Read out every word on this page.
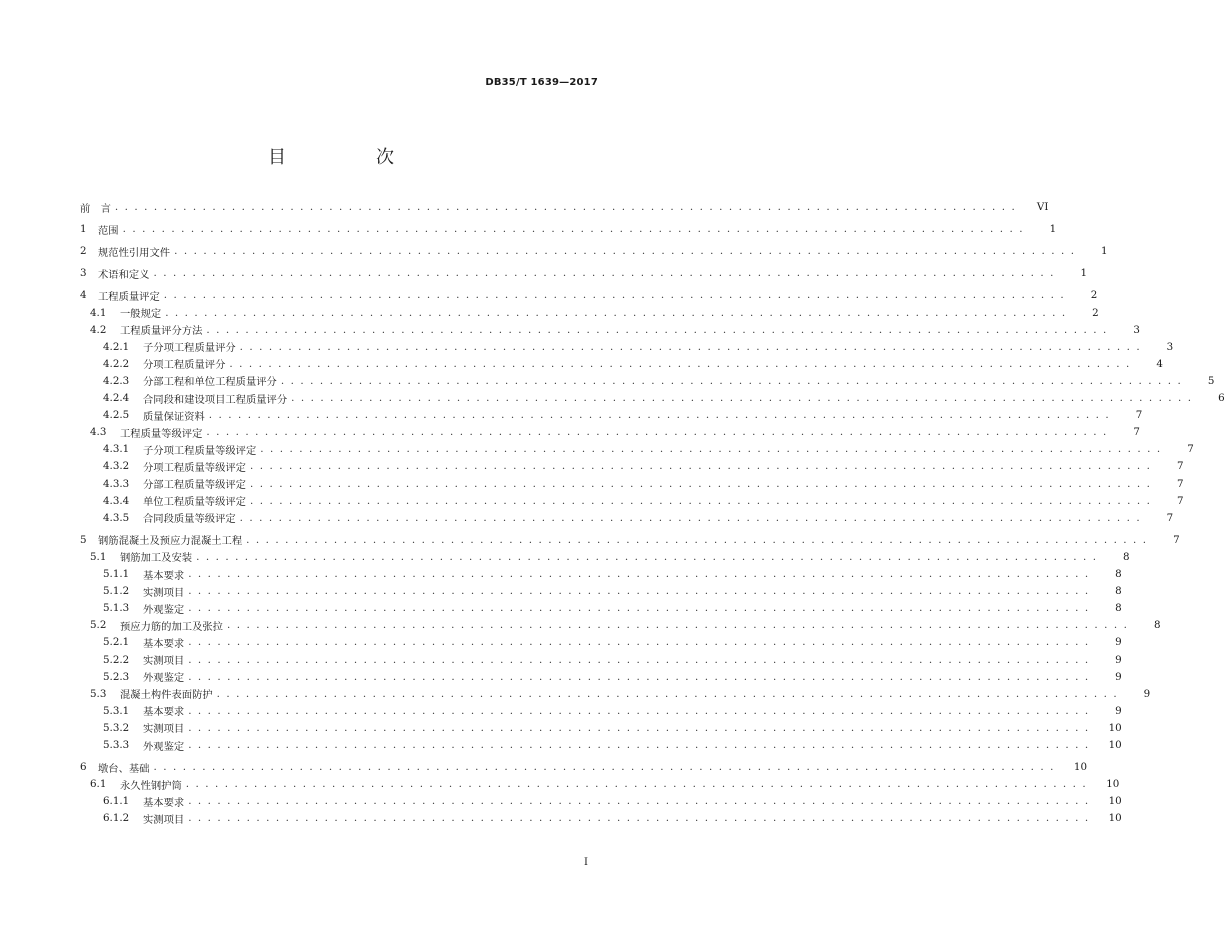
DB35/T 1639—2017
目　次
前　言 . . . . . . . . . . . . . . . . . . . . . . . . . . . . . . . . . . . . . . . . . . . . . . . . . . . . . . . . . . . . . . . . . . . . . . . . . . . . . . . . . . . . . . . . . . . . .	VI
1	范围 . . . . . . . . . . . . . . . . . . . . . . . . . . . . . . . . . . . . . . . . . . . . . . . . . . . . . . . . . . . . . . . . . . . . . . . . . . . . . . . . . . . . . . . . . . . . .	1
2	规范性引用文件 . . . . . . . . . . . . . . . . . . . . . . . . . . . . . . . . . . . . . . . . . . . . . . . . . . . . . . . . . . . . . . . . . . . . . . . . . . . . . . . . . . . . . . . . . . . . .	1
3	术语和定义 . . . . . . . . . . . . . . . . . . . . . . . . . . . . . . . . . . . . . . . . . . . . . . . . . . . . . . . . . . . . . . . . . . . . . . . . . . . . . . . . . . . . . . . . . . . . .	1
4	工程质量评定 . . . . . . . . . . . . . . . . . . . . . . . . . . . . . . . . . . . . . . . . . . . . . . . . . . . . . . . . . . . . . . . . . . . . . . . . . . . . . . . . . . . . . . . . . . . . .	2
4.1	一般规定 . . . . . . . . . . . . . . . . . . . . . . . . . . . . . . . . . . . . . . . . . . . . . . . . . . . . . . . . . . . . . . . . . . . . . . . . . . . . . . . . . . . . . . . . . . . . .	2
4.2	工程质量评分方法 . . . . . . . . . . . . . . . . . . . . . . . . . . . . . . . . . . . . . . . . . . . . . . . . . . . . . . . . . . . . . . . . . . . . . . . . . . . . . . . . . . . . . . . . . . . . .	3
4.2.1	子分项工程质量评分 . . . . . . . . . . . . . . . . . . . . . . . . . . . . . . . . . . . . . . . . . . . . . . . . . . . . . . . . . . . . . . . . . . . . . . . . . . . . . . . . . . . . . . . . . . . . .	3
4.2.2	分项工程质量评分 . . . . . . . . . . . . . . . . . . . . . . . . . . . . . . . . . . . . . . . . . . . . . . . . . . . . . . . . . . . . . . . . . . . . . . . . . . . . . . . . . . . . . . . . . . . . .	4
4.2.3	分部工程和单位工程质量评分 . . . . . . . . . . . . . . . . . . . . . . . . . . . . . . . . . . . . . . . . . . . . . . . . . . . . . . . . . . . . . . . . . . . . . . . . . . . . . . . . . . . . . . . . . . . . .	5
4.2.4	合同段和建设项目工程质量评分 . . . . . . . . . . . . . . . . . . . . . . . . . . . . . . . . . . . . . . . . . . . . . . . . . . . . . . . . . . . . . . . . . . . . . . . . . . . . . . . . . . . . . . . . . . . . .	6
4.2.5	质量保证资料 . . . . . . . . . . . . . . . . . . . . . . . . . . . . . . . . . . . . . . . . . . . . . . . . . . . . . . . . . . . . . . . . . . . . . . . . . . . . . . . . . . . . . . . . . . . . .	7
4.3	工程质量等级评定 . . . . . . . . . . . . . . . . . . . . . . . . . . . . . . . . . . . . . . . . . . . . . . . . . . . . . . . . . . . . . . . . . . . . . . . . . . . . . . . . . . . . . . . . . . . . .	7
4.3.1	子分项工程质量等级评定 . . . . . . . . . . . . . . . . . . . . . . . . . . . . . . . . . . . . . . . . . . . . . . . . . . . . . . . . . . . . . . . . . . . . . . . . . . . . . . . . . . . . . . . . . . . . .	7
4.3.2	分项工程质量等级评定 . . . . . . . . . . . . . . . . . . . . . . . . . . . . . . . . . . . . . . . . . . . . . . . . . . . . . . . . . . . . . . . . . . . . . . . . . . . . . . . . . . . . . . . . . . . . .	7
4.3.3	分部工程质量等级评定 . . . . . . . . . . . . . . . . . . . . . . . . . . . . . . . . . . . . . . . . . . . . . . . . . . . . . . . . . . . . . . . . . . . . . . . . . . . . . . . . . . . . . . . . . . . . .	7
4.3.4	单位工程质量等级评定 . . . . . . . . . . . . . . . . . . . . . . . . . . . . . . . . . . . . . . . . . . . . . . . . . . . . . . . . . . . . . . . . . . . . . . . . . . . . . . . . . . . . . . . . . . . . .	7
4.3.5	合同段质量等级评定 . . . . . . . . . . . . . . . . . . . . . . . . . . . . . . . . . . . . . . . . . . . . . . . . . . . . . . . . . . . . . . . . . . . . . . . . . . . . . . . . . . . . . . . . . . . . .	7
5	钢筋混凝土及预应力混凝土工程 . . . . . . . . . . . . . . . . . . . . . . . . . . . . . . . . . . . . . . . . . . . . . . . . . . . . . . . . . . . . . . . . . . . . . . . . . . . . . . . . . . . . . . . . . . . . .	7
5.1	钢筋加工及安装 . . . . . . . . . . . . . . . . . . . . . . . . . . . . . . . . . . . . . . . . . . . . . . . . . . . . . . . . . . . . . . . . . . . . . . . . . . . . . . . . . . . . . . . . . . . . .	8
5.1.1	基本要求 . . . . . . . . . . . . . . . . . . . . . . . . . . . . . . . . . . . . . . . . . . . . . . . . . . . . . . . . . . . . . . . . . . . . . . . . . . . . . . . . . . . . . . . . . . . . .	8
5.1.2	实测项目 . . . . . . . . . . . . . . . . . . . . . . . . . . . . . . . . . . . . . . . . . . . . . . . . . . . . . . . . . . . . . . . . . . . . . . . . . . . . . . . . . . . . . . . . . . . . .	8
5.1.3	外观鉴定 . . . . . . . . . . . . . . . . . . . . . . . . . . . . . . . . . . . . . . . . . . . . . . . . . . . . . . . . . . . . . . . . . . . . . . . . . . . . . . . . . . . . . . . . . . . . .	8
5.2	预应力筋的加工及张拉 . . . . . . . . . . . . . . . . . . . . . . . . . . . . . . . . . . . . . . . . . . . . . . . . . . . . . . . . . . . . . . . . . . . . . . . . . . . . . . . . . . . . . . . . . . . . .	8
5.2.1	基本要求 . . . . . . . . . . . . . . . . . . . . . . . . . . . . . . . . . . . . . . . . . . . . . . . . . . . . . . . . . . . . . . . . . . . . . . . . . . . . . . . . . . . . . . . . . . . . .	9
5.2.2	实测项目 . . . . . . . . . . . . . . . . . . . . . . . . . . . . . . . . . . . . . . . . . . . . . . . . . . . . . . . . . . . . . . . . . . . . . . . . . . . . . . . . . . . . . . . . . . . . .	9
5.2.3	外观鉴定 . . . . . . . . . . . . . . . . . . . . . . . . . . . . . . . . . . . . . . . . . . . . . . . . . . . . . . . . . . . . . . . . . . . . . . . . . . . . . . . . . . . . . . . . . . . . .	9
5.3	混凝土构件表面防护 . . . . . . . . . . . . . . . . . . . . . . . . . . . . . . . . . . . . . . . . . . . . . . . . . . . . . . . . . . . . . . . . . . . . . . . . . . . . . . . . . . . . . . . . . . . . .	9
5.3.1	基本要求 . . . . . . . . . . . . . . . . . . . . . . . . . . . . . . . . . . . . . . . . . . . . . . . . . . . . . . . . . . . . . . . . . . . . . . . . . . . . . . . . . . . . . . . . . . . . .	9
5.3.2	实测项目 . . . . . . . . . . . . . . . . . . . . . . . . . . . . . . . . . . . . . . . . . . . . . . . . . . . . . . . . . . . . . . . . . . . . . . . . . . . . . . . . . . . . . . . . . . . . .	10
5.3.3	外观鉴定 . . . . . . . . . . . . . . . . . . . . . . . . . . . . . . . . . . . . . . . . . . . . . . . . . . . . . . . . . . . . . . . . . . . . . . . . . . . . . . . . . . . . . . . . . . . . .	10
6	墩台、基础 . . . . . . . . . . . . . . . . . . . . . . . . . . . . . . . . . . . . . . . . . . . . . . . . . . . . . . . . . . . . . . . . . . . . . . . . . . . . . . . . . . . . . . . . . . . . .	10
6.1	永久性钢护筒 . . . . . . . . . . . . . . . . . . . . . . . . . . . . . . . . . . . . . . . . . . . . . . . . . . . . . . . . . . . . . . . . . . . . . . . . . . . . . . . . . . . . . . . . . . . . .	10
6.1.1	基本要求 . . . . . . . . . . . . . . . . . . . . . . . . . . . . . . . . . . . . . . . . . . . . . . . . . . . . . . . . . . . . . . . . . . . . . . . . . . . . . . . . . . . . . . . . . . . . .	10
6.1.2	实测项目 . . . . . . . . . . . . . . . . . . . . . . . . . . . . . . . . . . . . . . . . . . . . . . . . . . . . . . . . . . . . . . . . . . . . . . . . . . . . . . . . . . . . . . . . . . . . .	10
I
